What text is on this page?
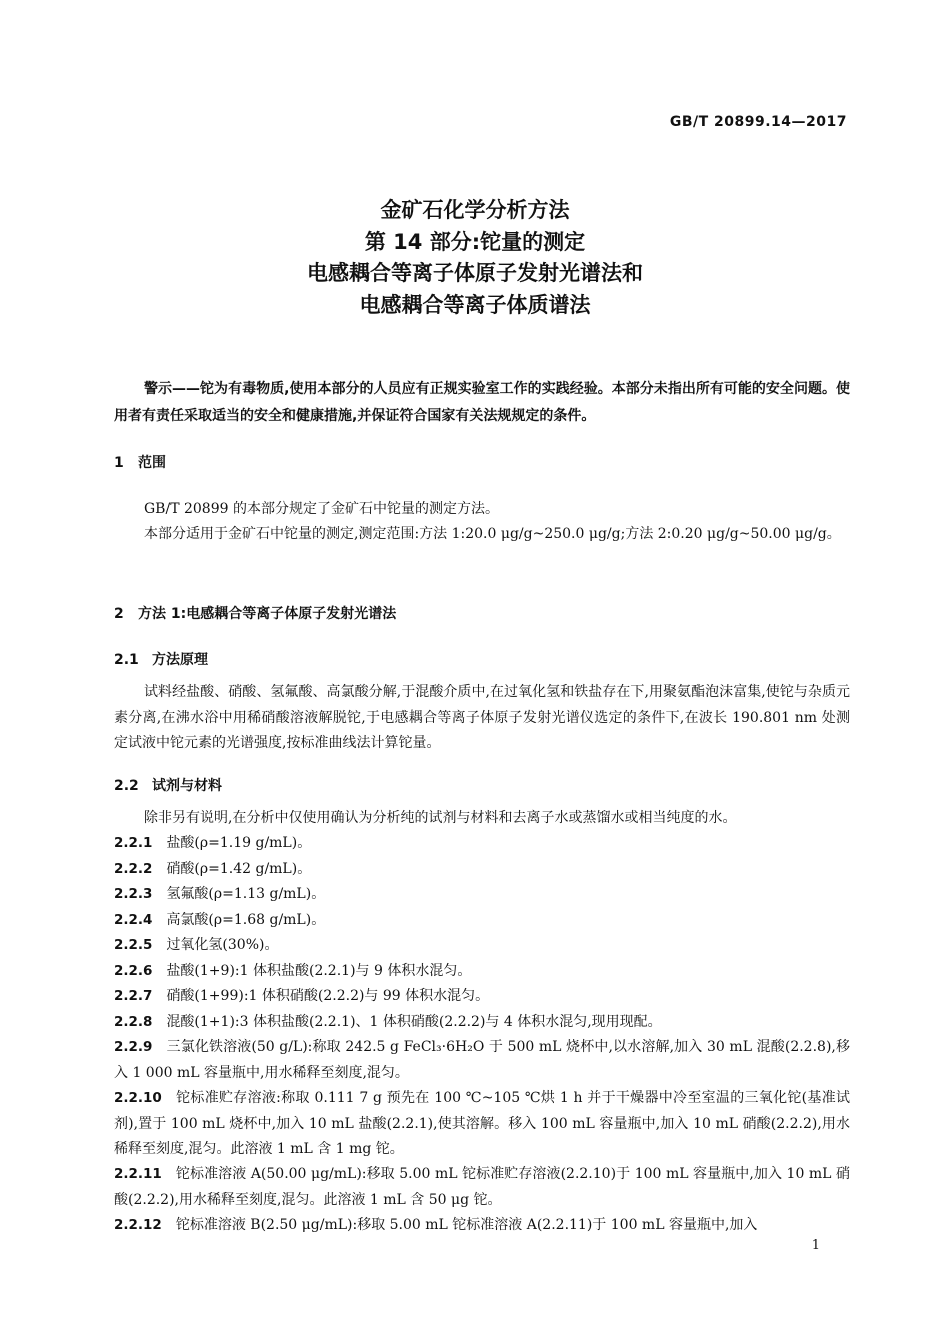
GB/T 20899.14—2017
金矿石化学分析方法
第 14 部分:铊量的测定
电感耦合等离子体原子发射光谱法和
电感耦合等离子体质谱法
警示——铊为有毒物质,使用本部分的人员应有正规实验室工作的实践经验。本部分未指出所有可能的安全问题。使用者有责任采取适当的安全和健康措施,并保证符合国家有关法规规定的条件。
1 范围
GB/T 20899 的本部分规定了金矿石中铊量的测定方法。
本部分适用于金矿石中铊量的测定,测定范围:方法 1:20.0 μg/g~250.0 μg/g;方法 2:0.20 μg/g~50.00 μg/g。
2 方法 1:电感耦合等离子体原子发射光谱法
2.1 方法原理
试料经盐酸、硝酸、氢氟酸、高氯酸分解,于混酸介质中,在过氧化氢和铁盐存在下,用聚氨酯泡沫富集,使铊与杂质元素分离,在沸水浴中用稀硝酸溶液解脱铊,于电感耦合等离子体原子发射光谱仪选定的条件下,在波长 190.801 nm 处测定试液中铊元素的光谱强度,按标准曲线法计算铊量。
2.2 试剂与材料
除非另有说明,在分析中仅使用确认为分析纯的试剂与材料和去离子水或蒸馏水或相当纯度的水。
2.2.1 盐酸(ρ=1.19 g/mL)。
2.2.2 硝酸(ρ=1.42 g/mL)。
2.2.3 氢氟酸(ρ=1.13 g/mL)。
2.2.4 高氯酸(ρ=1.68 g/mL)。
2.2.5 过氧化氢(30%)。
2.2.6 盐酸(1+9):1 体积盐酸(2.2.1)与 9 体积水混匀。
2.2.7 硝酸(1+99):1 体积硝酸(2.2.2)与 99 体积水混匀。
2.2.8 混酸(1+1):3 体积盐酸(2.2.1)、1 体积硝酸(2.2.2)与 4 体积水混匀,现用现配。
2.2.9 三氯化铁溶液(50 g/L):称取 242.5 g FeCl₃·6H₂O 于 500 mL 烧杯中,以水溶解,加入 30 mL 混酸(2.2.8),移入 1 000 mL 容量瓶中,用水稀释至刻度,混匀。
2.2.10 铊标准贮存溶液:称取 0.111 7 g 预先在 100 ℃~105 ℃烘 1 h 并于干燥器中冷至室温的三氧化铊(基准试剂),置于 100 mL 烧杯中,加入 10 mL 盐酸(2.2.1),使其溶解。移入 100 mL 容量瓶中,加入 10 mL 硝酸(2.2.2),用水稀释至刻度,混匀。此溶液 1 mL 含 1 mg 铊。
2.2.11 铊标准溶液 A(50.00 μg/mL):移取 5.00 mL 铊标准贮存溶液(2.2.10)于 100 mL 容量瓶中,加入 10 mL 硝酸(2.2.2),用水稀释至刻度,混匀。此溶液 1 mL 含 50 μg 铊。
2.2.12 铊标准溶液 B(2.50 μg/mL):移取 5.00 mL 铊标准溶液 A(2.2.11)于 100 mL 容量瓶中,加入
1
